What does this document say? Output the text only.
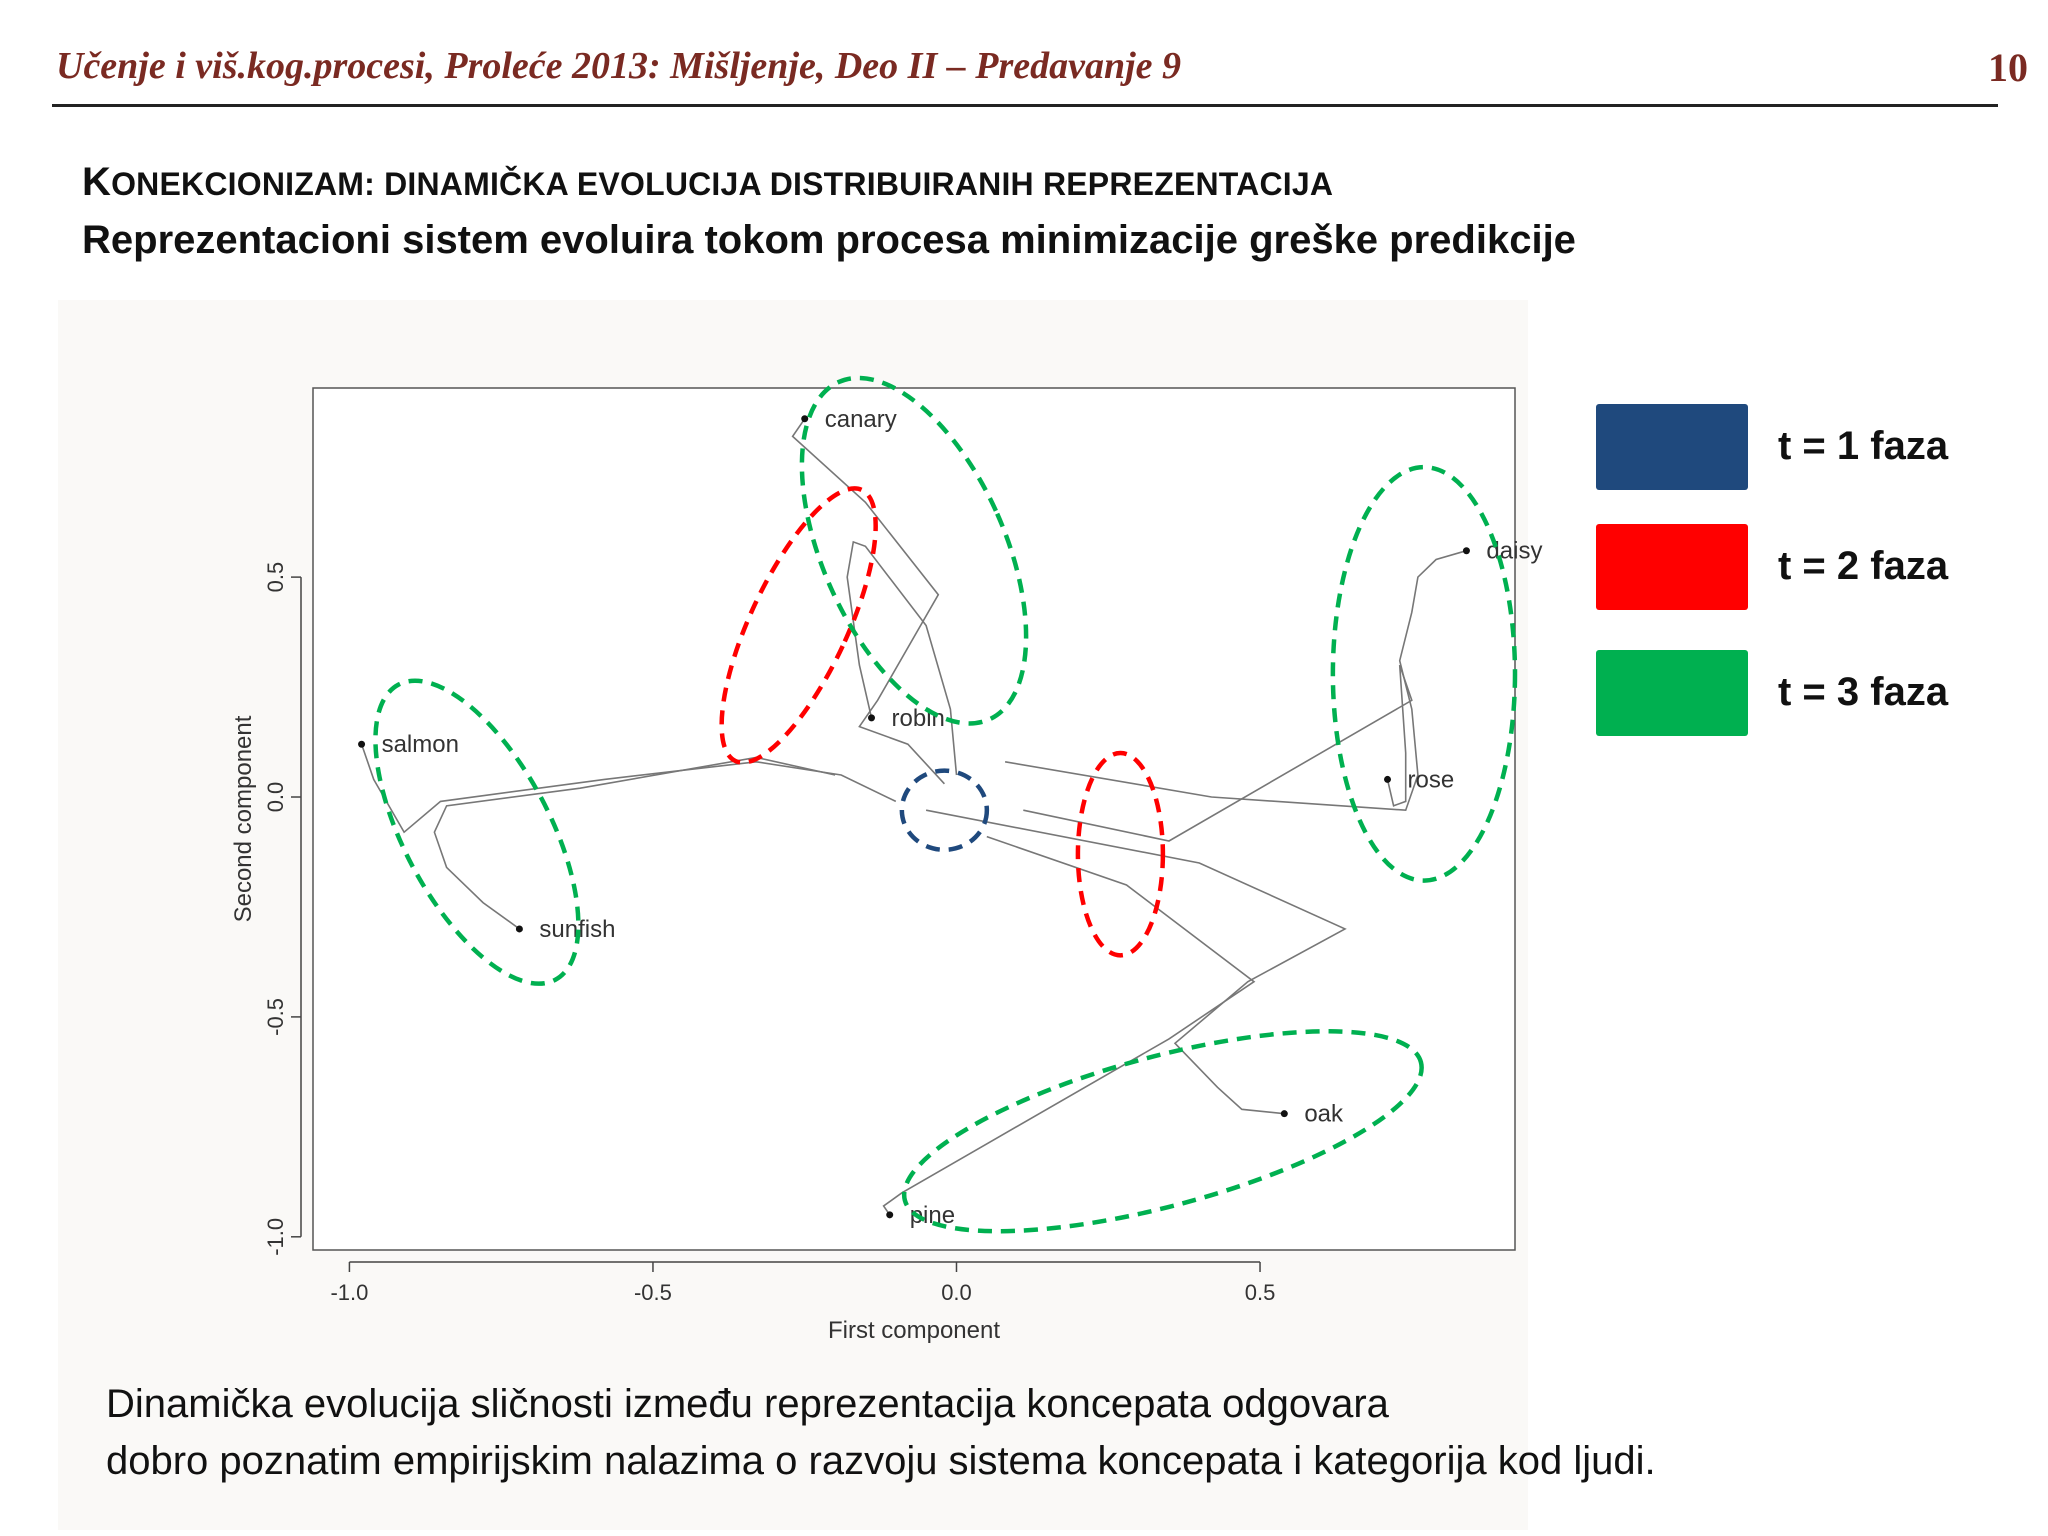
Učenje i viš.kog.procesi, Proleće 2013: Mišljenje, Deo II – Predavanje 9	10
KONEKCIONIZAM: DINAMIČKA EVOLUCIJA DISTRIBUIRANIH REPREZENTACIJA
Reprezentacioni sistem evoluira tokom procesa minimizacije greške predikcije
-1.0	-0.5	0.0	0.5
First component
-1.0
-0.5
0.0
0.5
Second component
canary
robin
salmon
sunfish
daisy
rose
oak
pine
t = 1 faza
t = 2 faza
t = 3 faza
Dinamička evolucija sličnosti između reprezentacija koncepata odgovara
dobro poznatim empirijskim nalazima o razvoju sistema koncepata i kategorija kod ljudi.
